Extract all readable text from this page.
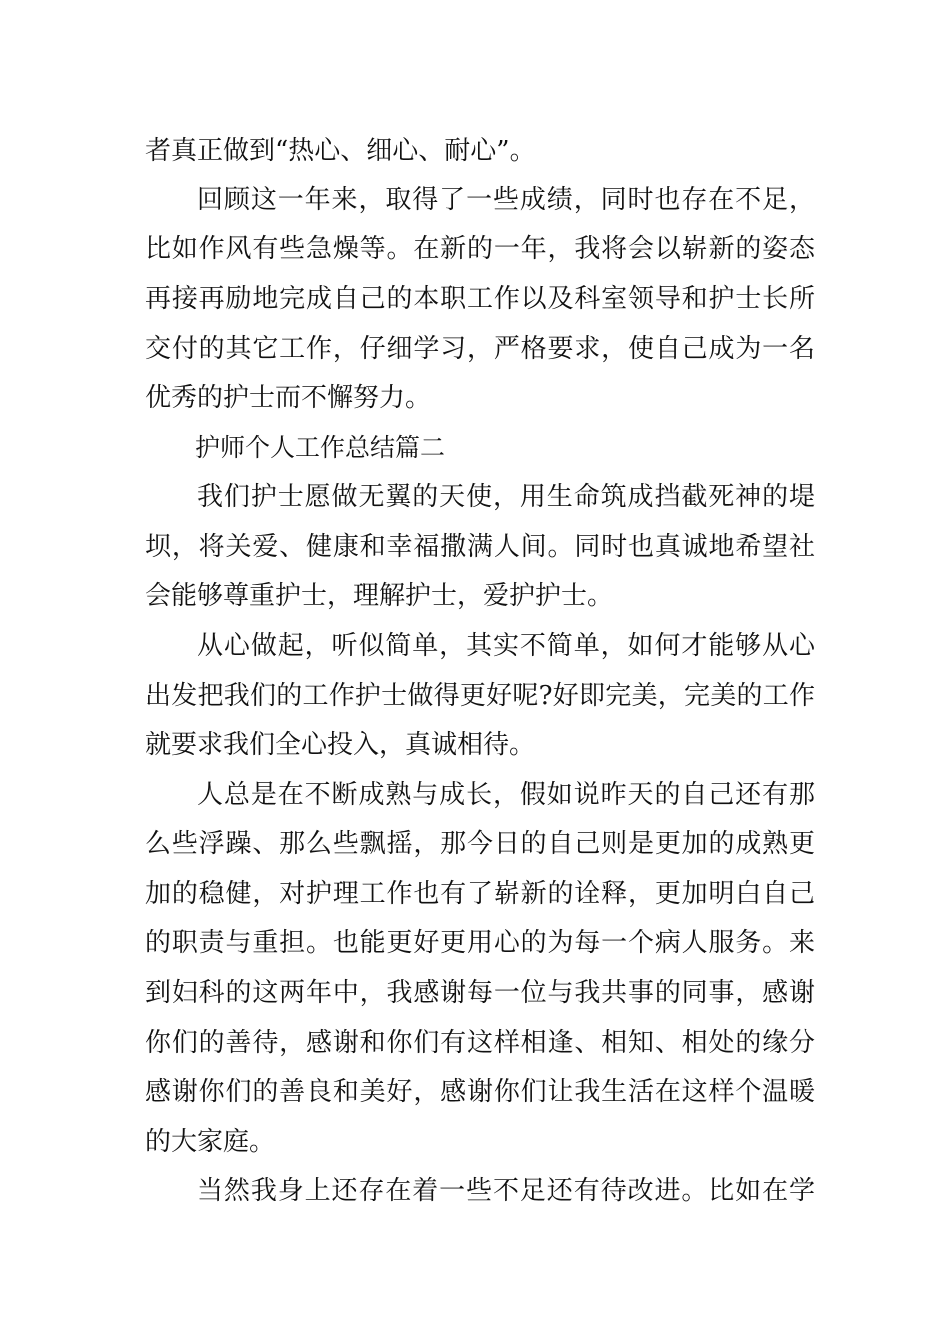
者真正做到“热心、细心、耐心”。
回顾这一年来，取得了一些成绩，同时也存在不足，
比如作风有些急燥等。在新的一年，我将会以崭新的姿态
再接再励地完成自己的本职工作以及科室领导和护士长所
交付的其它工作，仔细学习，严格要求，使自己成为一名
优秀的护士而不懈努力。
护师个人工作总结篇二
我们护士愿做无翼的天使，用生命筑成挡截死神的堤
坝，将关爱、健康和幸福撒满人间。同时也真诚地希望社
会能够尊重护士，理解护士，爱护护士。
从心做起，听似简单，其实不简单，如何才能够从心
出发把我们的工作护士做得更好呢?好即完美，完美的工作
就要求我们全心投入，真诚相待。
人总是在不断成熟与成长，假如说昨天的自己还有那
么些浮躁、那么些飘摇，那今日的自己则是更加的成熟更
加的稳健，对护理工作也有了崭新的诠释，更加明白自己
的职责与重担。也能更好更用心的为每一个病人服务。来
到妇科的这两年中，我感谢每一位与我共事的同事，感谢
你们的善待，感谢和你们有这样相逢、相知、相处的缘分
感谢你们的善良和美好，感谢你们让我生活在这样个温暖
的大家庭。
当然我身上还存在着一些不足还有待改进。比如在学
